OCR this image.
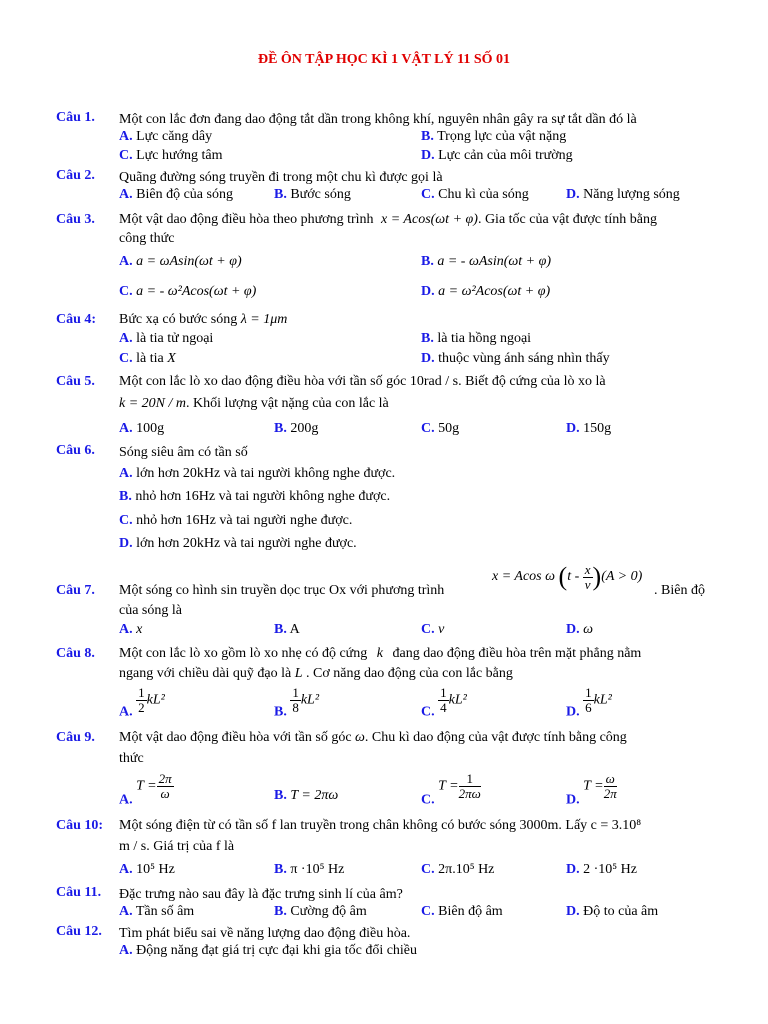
ĐỀ ÔN TẬP HỌC KÌ 1 VẬT LÝ 11 SỐ 01
Câu 1. Một con lắc đơn đang dao động tắt dần trong không khí, nguyên nhân gây ra sự tắt dần đó là
A. Lực căng dây	B. Trọng lực của vật nặng
C. Lực hướng tâm	D. Lực cản của môi trường
Câu 2. Quãng đường sóng truyền đi trong một chu kì được gọi là
A. Biên độ của sóng	B. Bước sóng	C. Chu kì của sóng	D. Năng lượng sóng
Câu 3. Một vật dao động điều hòa theo phương trình x = Acos(ωt + φ). Gia tốc của vật được tính bằng
công thức
A. a = ωAsin(ωt + φ)	B. a = - ωAsin(ωt + φ)
C. a = - ω²Acos(ωt + φ)	D. a = ω²Acos(ωt + φ)
Câu 4: Bức xạ có bước sóng λ = 1μm
A. là tia tử ngoại	B. là tia hồng ngoại
C. là tia X	D. thuộc vùng ánh sáng nhìn thấy
Câu 5. Một con lắc lò xo dao động điều hòa với tần số góc 10rad / s. Biết độ cứng của lò xo là
k = 20N / m. Khối lượng vật nặng của con lắc là
A. 100g	B. 200g	C. 50g	D. 150g
Câu 6. Sóng siêu âm có tần số
A. lớn hơn 20kHz và tai người không nghe được.
B. nhỏ hơn 16Hz và tai người không nghe được.
C. nhỏ hơn 16Hz và tai người nghe được.
D. lớn hơn 20kHz và tai người nghe được.
Câu 7. Một sóng co hình sin truyền dọc trục Ox với phương trình
x = Acos ω $(t - \frac{x}{v} )(A > 0)$
. Biên độ
của sóng là
A. x	B. A	C. v	D. ω
Câu 8. Một con lắc lò xo gồm lò xo nhẹ có độ cứng k đang dao động điều hòa trên mặt phẳng nằm
ngang với chiều dài quỹ đạo là L . Cơ năng dao động của con lắc bằng
A. $\frac{1}{2} kL^2$
B. $\frac{1}{8} kL^2$
C. $\frac{1}{4} kL^2$
D. $\frac{1}{6} kL^2$
Câu 9. Một vật dao động điều hòa với tần số góc ω. Chu kì dao động của vật được tính bằng công
thức
A. $T = \frac{2\pi}{\omega}$	B. T = 2πω	C. $T = \frac{1}{2\pi\omega}$	D. $T = \frac{\omega}{2\pi}$
Câu 10: Một sóng điện từ có tần số f lan truyền trong chân không có bước sóng 3000m. Lấy c = 3.10⁸
m / s. Giá trị của f là
A. 10⁵ Hz	B. π ·10⁵ Hz	C. 2π.10⁵ Hz	D. 2 ·10⁵ Hz
Câu 11. Đặc trưng nào sau đây là đặc trưng sinh lí của âm?
A. Tần số âm	B. Cường độ âm	C. Biên độ âm	D. Độ to của âm
Câu 12. Tìm phát biểu sai về năng lượng dao động điều hòa.
A. Động năng đạt giá trị cực đại khi gia tốc đổi chiều
